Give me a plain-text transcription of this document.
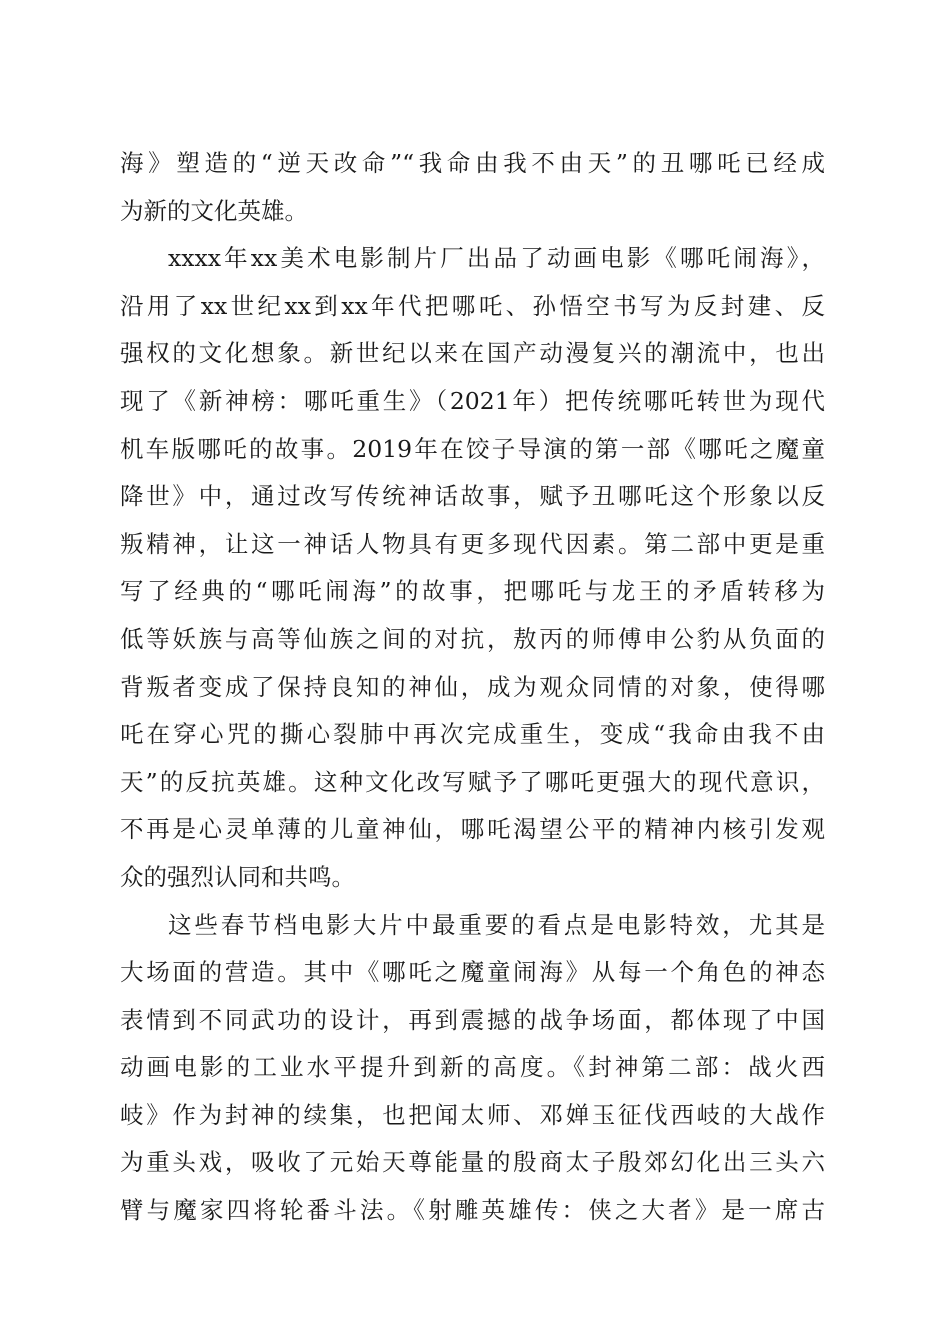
海》塑造的“逆天改命”“我命由我不由天”的丑哪吒已经成
为新的文化英雄。
xxxx年xx美术电影制片厂出品了动画电影《哪吒闹海》，
沿用了xx世纪xx到xx年代把哪吒、孙悟空书写为反封建、反
强权的文化想象。新世纪以来在国产动漫复兴的潮流中，也出
现了《新神榜：哪吒重生》（2021年）把传统哪吒转世为现代
机车版哪吒的故事。2019年在饺子导演的第一部《哪吒之魔童
降世》中，通过改写传统神话故事，赋予丑哪吒这个形象以反
叛精神，让这一神话人物具有更多现代因素。第二部中更是重
写了经典的“哪吒闹海”的故事，把哪吒与龙王的矛盾转移为
低等妖族与高等仙族之间的对抗，敖丙的师傅申公豹从负面的
背叛者变成了保持良知的神仙，成为观众同情的对象，使得哪
吒在穿心咒的撕心裂肺中再次完成重生，变成“我命由我不由
天”的反抗英雄。这种文化改写赋予了哪吒更强大的现代意识，
不再是心灵单薄的儿童神仙，哪吒渴望公平的精神内核引发观
众的强烈认同和共鸣。
这些春节档电影大片中最重要的看点是电影特效，尤其是
大场面的营造。其中《哪吒之魔童闹海》从每一个角色的神态
表情到不同武功的设计，再到震撼的战争场面，都体现了中国
动画电影的工业水平提升到新的高度。《封神第二部：战火西
岐》作为封神的续集，也把闻太师、邓婵玉征伐西岐的大战作
为重头戏，吸收了元始天尊能量的殷商太子殷郊幻化出三头六
臂与魔家四将轮番斗法。《射雕英雄传：侠之大者》是一席古
